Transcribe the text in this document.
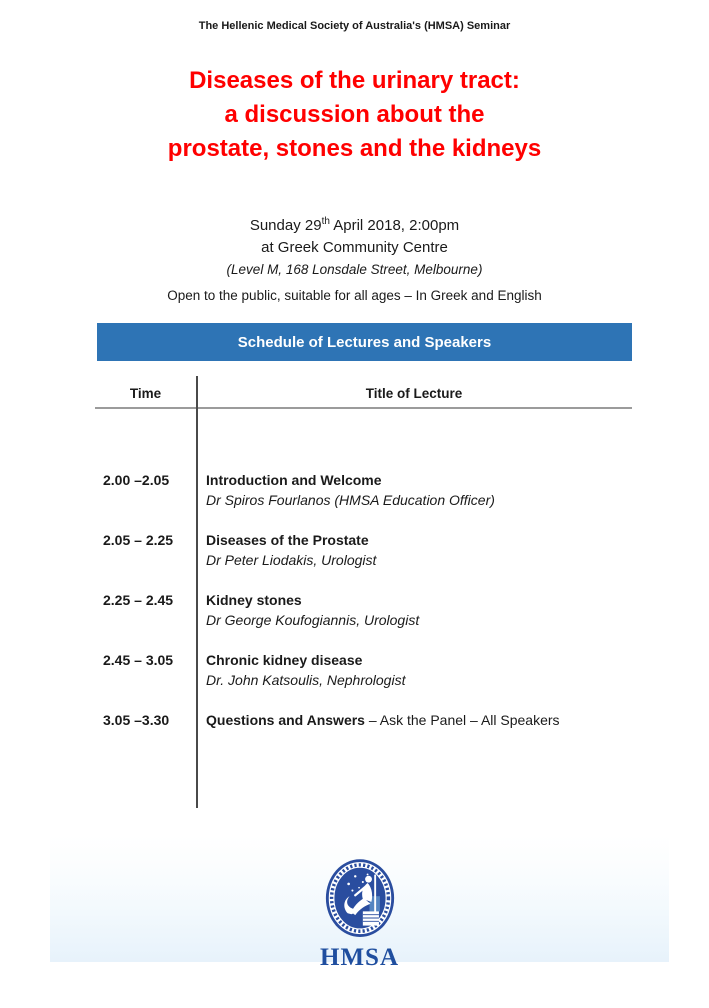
The Hellenic Medical Society of Australia's (HMSA) Seminar
Diseases of the urinary tract:
a discussion about the
prostate, stones and the kidneys
Sunday 29th April 2018, 2:00pm
at Greek Community Centre
(Level M, 168 Lonsdale Street, Melbourne)
Open to the public, suitable for all ages – In Greek and English
Schedule of Lectures and Speakers
Time	Title of Lecture
2.00 –2.05	Introduction and Welcome
Dr Spiros Fourlanos (HMSA Education Officer)
2.05 – 2.25	Diseases of the Prostate
Dr Peter Liodakis, Urologist
2.25 – 2.45	Kidney stones
Dr George Koufogiannis, Urologist
2.45 – 3.05	Chronic kidney disease
Dr. John Katsoulis, Nephrologist
3.05 –3.30	Questions and Answers – Ask the Panel – All Speakers
HMSA
